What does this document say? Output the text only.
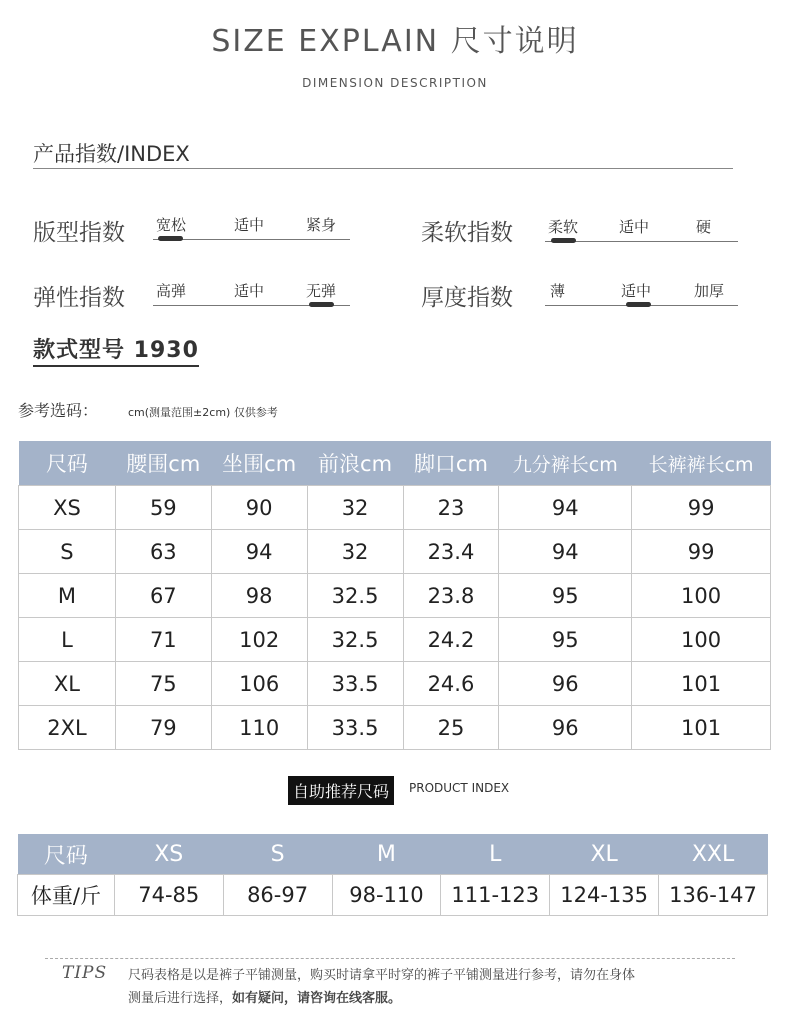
SIZE EXPLAIN 尺寸说明
DIMENSION DESCRIPTION
产品指数/INDEX
版型指数 宽松	适中	紧身	柔软指数 柔软	适中	硬
弹性指数 高弹	适中	无弹	厚度指数 薄	适中	加厚
款式型号 1930
参考选码：	cm(测量范围±2cm) 仅供参考
尺码	腰围cm	坐围cm	前浪cm	脚口cm	九分裤长cm	长裤裤长cm
XS	59	90	32	23	94	99
S	63	94	32	23.4	94	99
M	67	98	32.5	23.8	95	100
L	71	102	32.5	24.2	95	100
XL	75	106	33.5	24.6	96	101
2XL	79	110	33.5	25	96	101
自助推荐尺码	PRODUCT INDEX
尺码	XS	S	M	L	XL	XXL
体重/斤	74-85	86-97	98-110	111-123	124-135	136-147
TIPS 尺码表格是以是裤子平铺测量，购买时请拿平时穿的裤子平铺测量进行参考，请勿在身体
测量后进行选择，如有疑问，请咨询在线客服。
